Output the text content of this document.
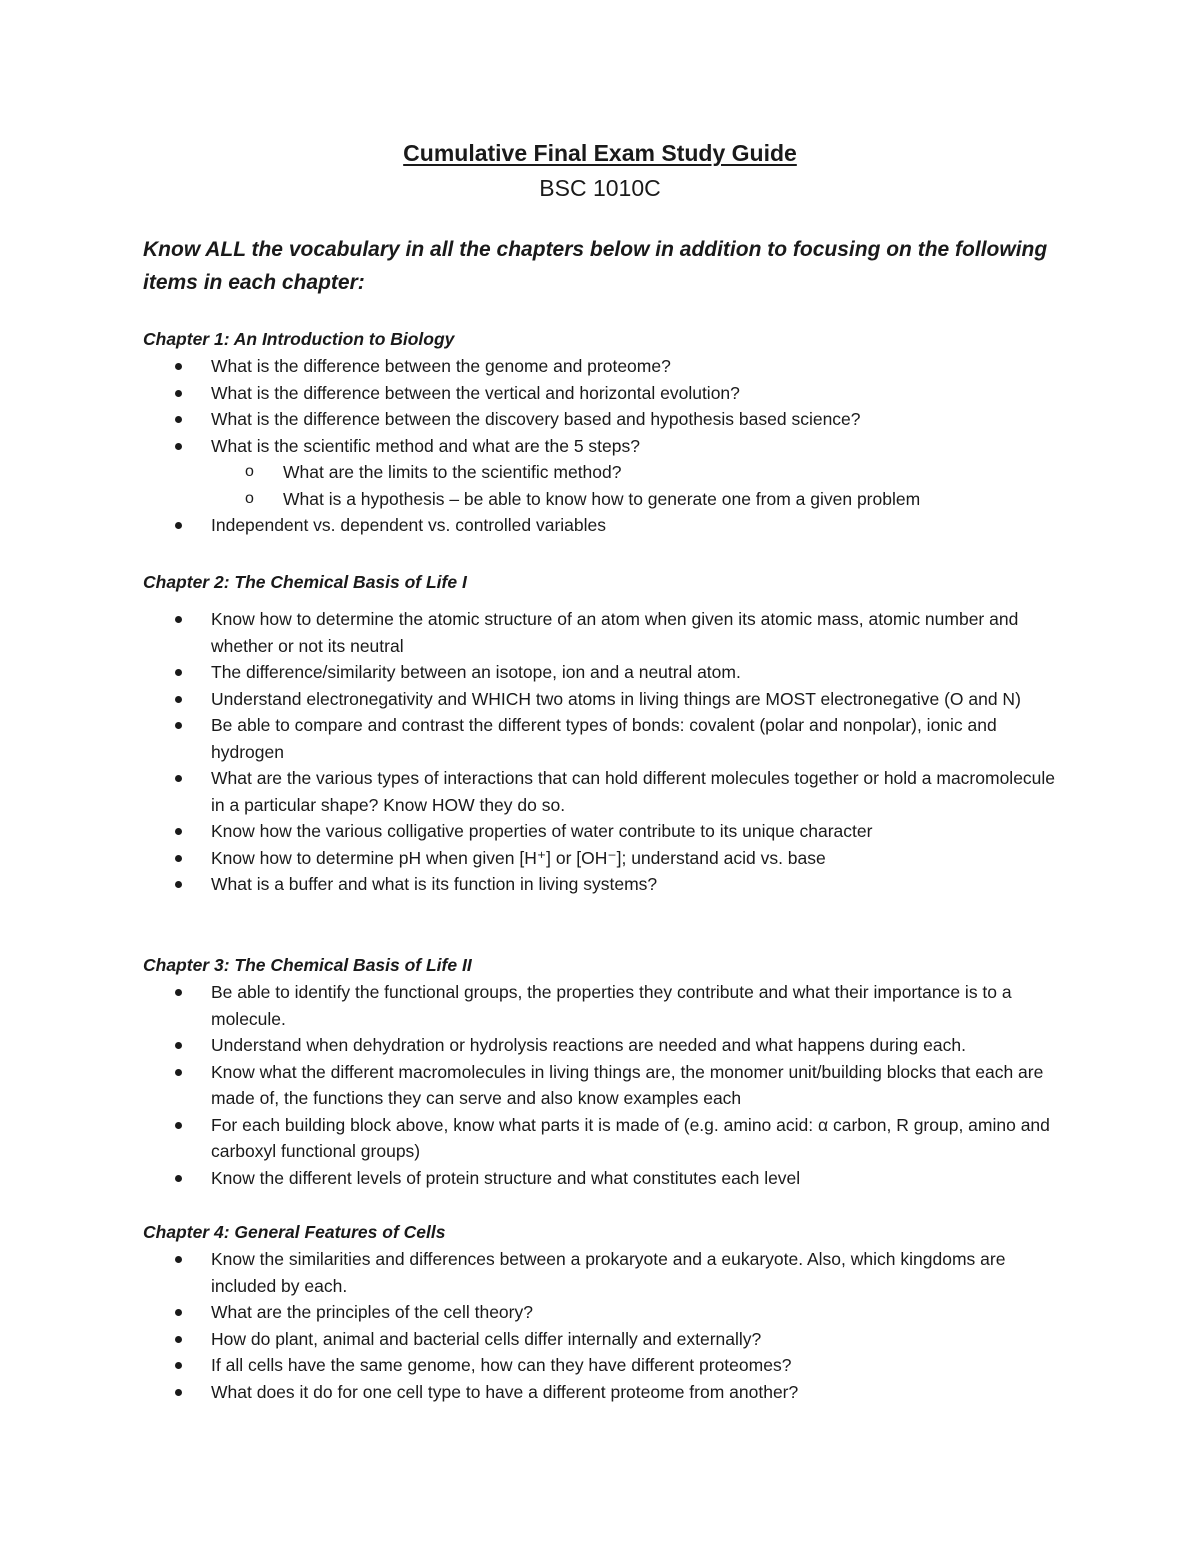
Cumulative Final Exam Study Guide
BSC 1010C
Know ALL the vocabulary in all the chapters below in addition to focusing on the following items in each chapter:
Chapter 1: An Introduction to Biology
What is the difference between the genome and proteome?
What is the difference between the vertical and horizontal evolution?
What is the difference between the discovery based and hypothesis based science?
What is the scientific method and what are the 5 steps?
o	What are the limits to the scientific method?
o	What is a hypothesis – be able to know how to generate one from a given problem
Independent vs. dependent vs. controlled variables
Chapter 2: The Chemical Basis of Life I
Know how to determine the atomic structure of an atom when given its atomic mass, atomic number and whether or not its neutral
The difference/similarity between an isotope, ion and a neutral atom.
Understand electronegativity and WHICH two atoms in living things are MOST electronegative (O and N)
Be able to compare and contrast the different types of bonds: covalent (polar and nonpolar), ionic and hydrogen
What are the various types of interactions that can hold different molecules together or hold a macromolecule in a particular shape? Know HOW they do so.
Know how the various colligative properties of water contribute to its unique character
Know how to determine pH when given [H⁺] or [OH⁻]; understand acid vs. base
What is a buffer and what is its function in living systems?
Chapter 3: The Chemical Basis of Life II
Be able to identify the functional groups, the properties they contribute and what their importance is to a molecule.
Understand when dehydration or hydrolysis reactions are needed and what happens during each.
Know what the different macromolecules in living things are, the monomer unit/building blocks that each are made of, the functions they can serve and also know examples each
For each building block above, know what parts it is made of (e.g. amino acid: α carbon, R group, amino and carboxyl functional groups)
Know the different levels of protein structure and what constitutes each level
Chapter 4: General Features of Cells
Know the similarities and differences between a prokaryote and a eukaryote. Also, which kingdoms are included by each.
What are the principles of the cell theory?
How do plant, animal and bacterial cells differ internally and externally?
If all cells have the same genome, how can they have different proteomes?
What does it do for one cell type to have a different proteome from another?
